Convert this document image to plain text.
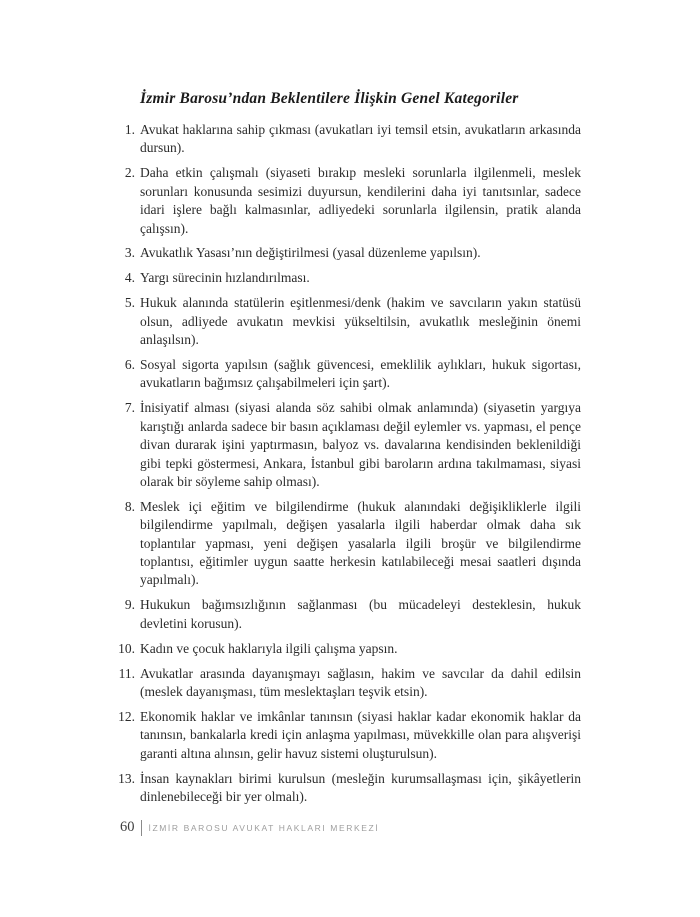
İzmir Barosu’ndan Beklentilere İlişkin Genel Kategoriler
1. Avukat haklarına sahip çıkması (avukatları iyi temsil etsin, avukatların arkasında dursun).
2. Daha etkin çalışmalı (siyaseti bırakıp mesleki sorunlarla ilgilenmeli, meslek sorunları konusunda sesimizi duyursun, kendilerini daha iyi tanıtsınlar, sadece idari işlere bağlı kalmasınlar, adliyedeki sorunlarla ilgilensin, pratik alanda çalışsın).
3. Avukatlık Yasası’nın değiştirilmesi (yasal düzenleme yapılsın).
4. Yargı sürecinin hızlandırılması.
5. Hukuk alanında statülerin eşitlenmesi/denk (hakim ve savcıların yakın statüsü olsun, adliyede avukatın mevkisi yükseltilsin, avukatlık mesleğinin önemi anlaşılsın).
6. Sosyal sigorta yapılsın (sağlık güvencesi, emeklilik aylıkları, hukuk sigortası, avukatların bağımsız çalışabilmeleri için şart).
7. İnisiyatif alması (siyasi alanda söz sahibi olmak anlamında) (siyasetin yargıya karıştığı anlarda sadece bir basın açıklaması değil eylemler vs. yapması, el pençe divan durarak işini yaptırmasın, balyoz vs. davalarına kendisinden beklenildiği gibi tepki göstermesi, Ankara, İstanbul gibi baroların ardına takılmaması, siyasi olarak bir söyleme sahip olması).
8. Meslek içi eğitim ve bilgilendirme (hukuk alanındaki değişikliklerle ilgili bilgilendirme yapılmalı, değişen yasalarla ilgili haberdar olmak daha sık toplantılar yapması, yeni değişen yasalarla ilgili broşür ve bilgilendirme toplantısı, eğitimler uygun saatte herkesin katılabileceği mesai saatleri dışında yapılmalı).
9. Hukukun bağımsızlığının sağlanması (bu mücadeleyi desteklesin, hukuk devletini korusun).
10. Kadın ve çocuk haklarıyla ilgili çalışma yapsın.
11. Avukatlar arasında dayanışmayı sağlasın, hakim ve savcılar da dahil edilsin (meslek dayanışması, tüm meslektaşları teşvik etsin).
12. Ekonomik haklar ve imkânlar tanınsın (siyasi haklar kadar ekonomik haklar da tanınsın, bankalarla kredi için anlaşma yapılması, müvekkille olan para alışverişi garanti altına alınsın, gelir havuz sistemi oluşturulsun).
13. İnsan kaynakları birimi kurulsun (mesleğin kurumsallaşması için, şikâyetlerin dinlenebileceği bir yer olmalı).
60 İZMİR BAROSU AVUKAT HAKLARI MERKEZİ
